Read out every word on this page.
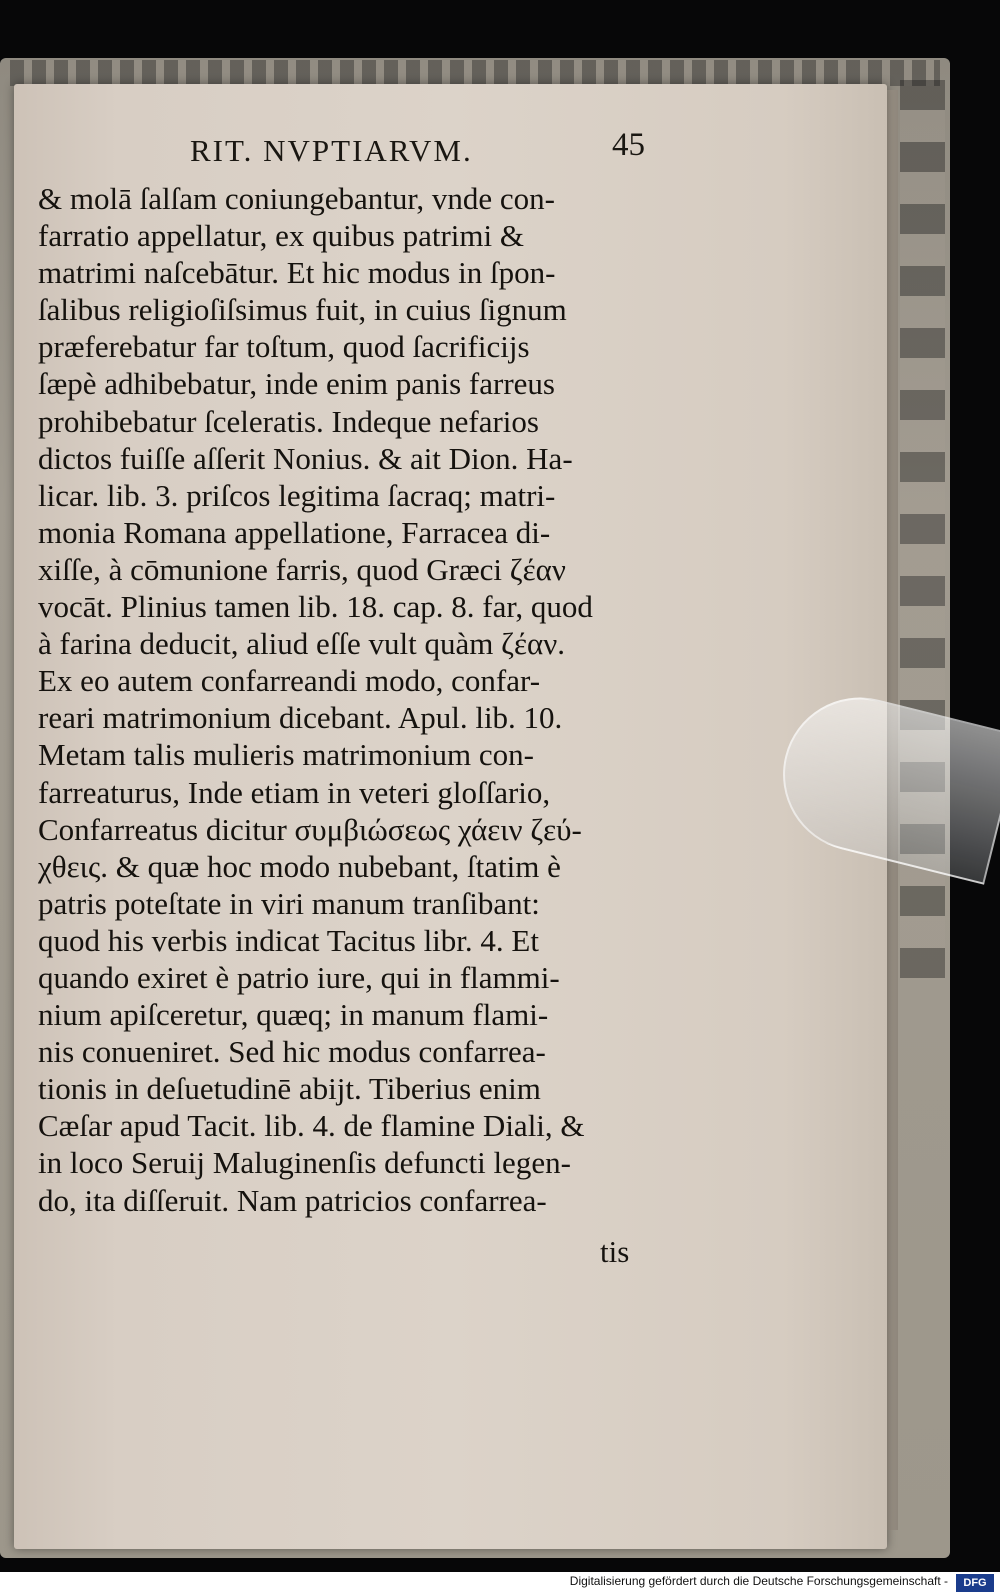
RIT. NVPTIARVM.	45
& molā ſalſam coniungebantur, vnde con-
farratio appellatur, ex quibus patrimi &
matrimi naſcebātur. Et hic modus in ſpon-
ſalibus religioſiſsimus fuit, in cuius ſignum
præferebatur far toſtum, quod ſacrificijs
ſæpè adhibebatur, inde enim panis farreus
prohibebatur ſceleratis. Indeque nefarios
dictos fuiſſe aſſerit Nonius. & ait Dion. Ha-
licar. lib. 3. priſcos legitima ſacraq; matri-
monia Romana appellatione, Farracea di-
xiſſe, à cōmunione farris, quod Græci ζέαν
vocāt. Plinius tamen lib. 18. cap. 8. far, quod
à farina deducit, aliud eſſe vult quàm ζέαν.
Ex eo autem confarreandi modo, confar-
reari matrimonium dicebant. Apul. lib. 10.
Metam talis mulieris matrimonium con-
farreaturus, Inde etiam in veteri gloſſario,
Confarreatus dicitur συμβιώσεως χάειν ζεύ-
χθεις. & quæ hoc modo nubebant, ſtatim è
patris poteſtate in viri manum tranſibant:
quod his verbis indicat Tacitus libr. 4. Et
quando exiret è patrio iure, qui in flammi-
nium apiſceretur, quæq; in manum flami-
nis conueniret. Sed hic modus confarrea-
tionis in deſuetudinē abijt. Tiberius enim
Cæſar apud Tacit. lib. 4. de flamine Diali, &
in loco Seruij Maluginenſis defuncti legen-
do, ita diſſeruit. Nam patricios confarrea-
tis
Digitalisierung gefördert durch die Deutsche Forschungsgemeinschaft -	DFG
